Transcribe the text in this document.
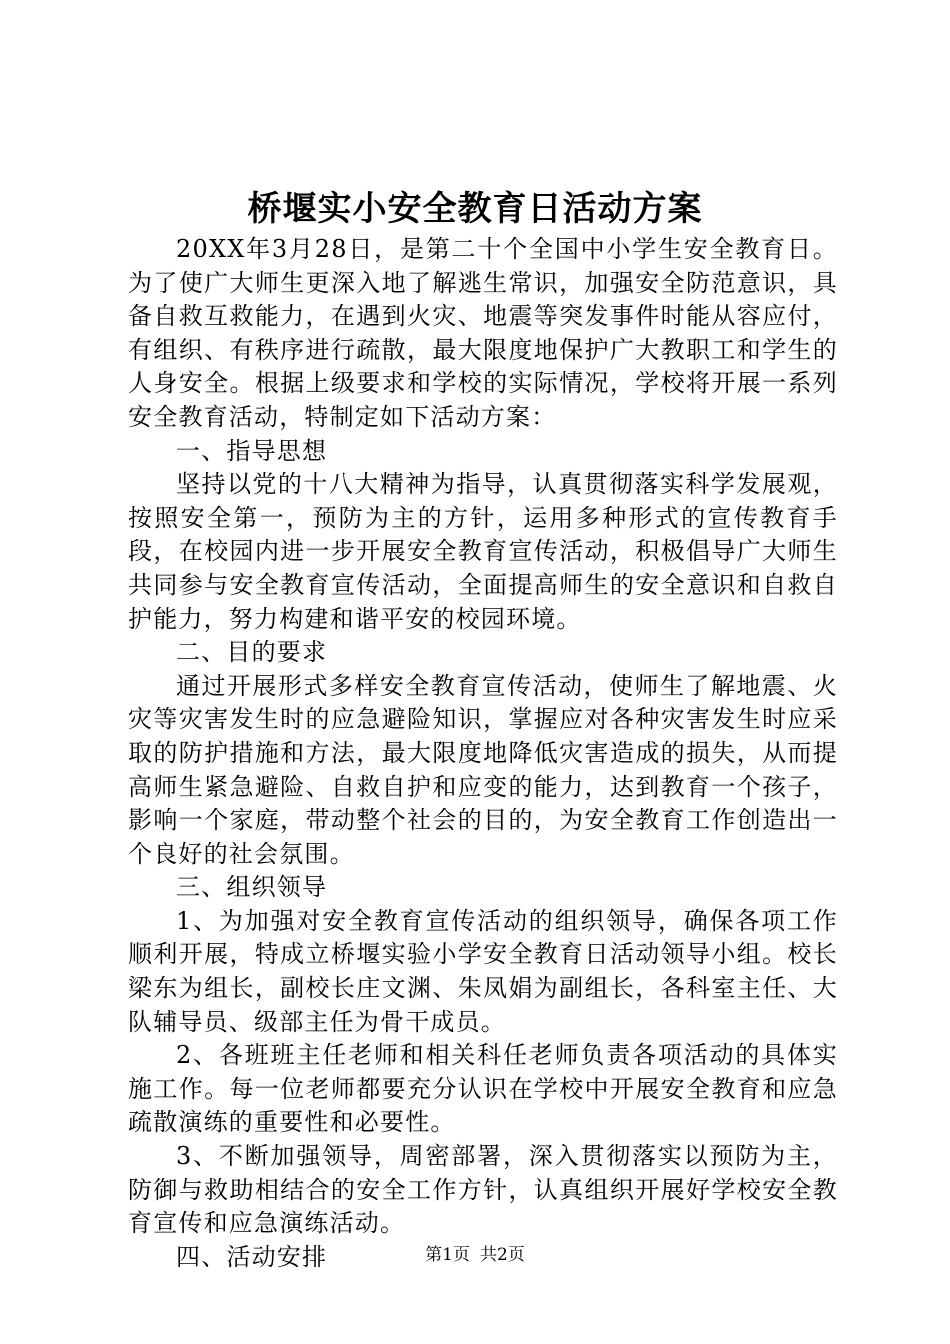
桥堰实小安全教育日活动方案

20XX年3月28日，是第二十个全国中小学生安全教育日。为了使广大师生更深入地了解逃生常识，加强安全防范意识，具备自救互救能力，在遇到火灾、地震等突发事件时能从容应付，有组织、有秩序进行疏散，最大限度地保护广大教职工和学生的人身安全。根据上级要求和学校的实际情况，学校将开展一系列安全教育活动，特制定如下活动方案：

一、指导思想

坚持以党的十八大精神为指导，认真贯彻落实科学发展观，按照安全第一，预防为主的方针，运用多种形式的宣传教育手段，在校园内进一步开展安全教育宣传活动，积极倡导广大师生共同参与安全教育宣传活动，全面提高师生的安全意识和自救自护能力，努力构建和谐平安的校园环境。

二、目的要求

通过开展形式多样安全教育宣传活动，使师生了解地震、火灾等灾害发生时的应急避险知识，掌握应对各种灾害发生时应采取的防护措施和方法，最大限度地降低灾害造成的损失，从而提高师生紧急避险、自救自护和应变的能力，达到教育一个孩子，影响一个家庭，带动整个社会的目的，为安全教育工作创造出一个良好的社会氛围。

三、组织领导

1、为加强对安全教育宣传活动的组织领导，确保各项工作顺利开展，特成立桥堰实验小学安全教育日活动领导小组。校长梁东为组长，副校长庄文渊、朱凤娟为副组长，各科室主任、大队辅导员、级部主任为骨干成员。

2、各班班主任老师和相关科任老师负责各项活动的具体实施工作。每一位老师都要充分认识在学校中开展安全教育和应急疏散演练的重要性和必要性。

3、不断加强领导，周密部署，深入贯彻落实以预防为主，防御与救助相结合的安全工作方针，认真组织开展好学校安全教育宣传和应急演练活动。

四、活动安排	第1页 共2页
